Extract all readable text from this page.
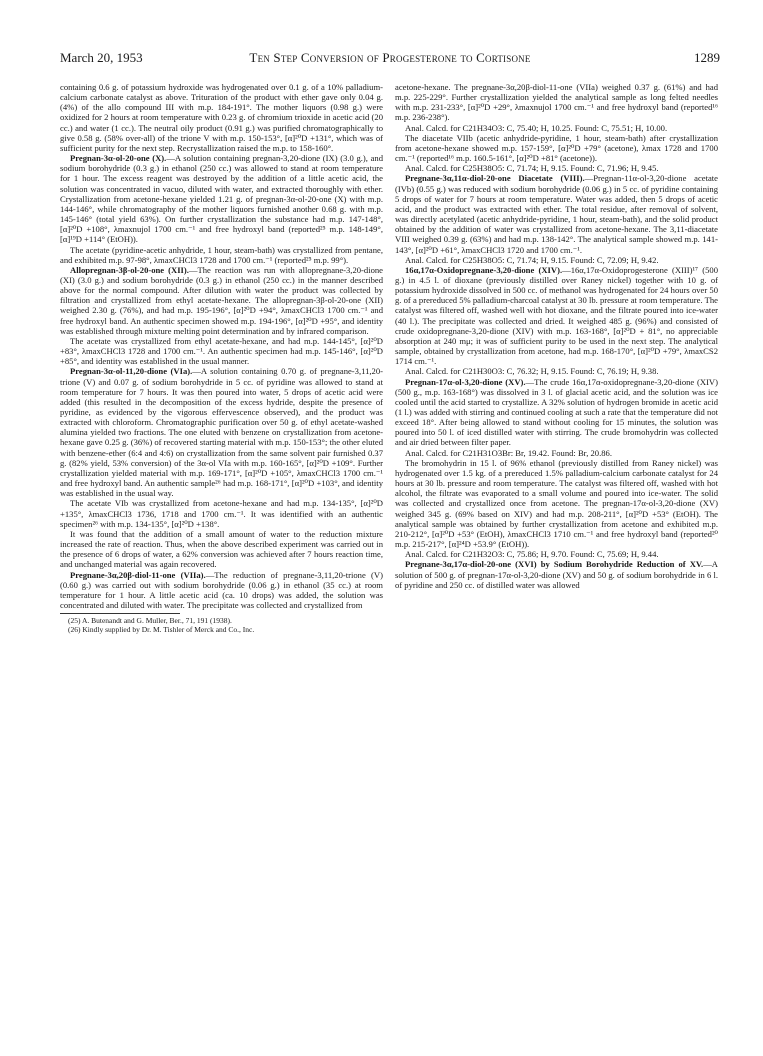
March 20, 1953	Ten Step Conversion of Progesterone to Cortisone	1289

containing 0.6 g. of potassium hydroxide was hydrogenated over 0.1 g. of a 10% palladium-calcium carbonate catalyst as above. Trituration of the product with ether gave only 0.04 g. (4%) of the allo compound III with m.p. 184-191°. The mother liquors (0.98 g.) were oxidized for 2 hours at room temperature with 0.23 g. of chromium trioxide in acetic acid (20 cc.) and water (1 cc.). The neutral oily product (0.91 g.) was purified chromatographically to give 0.58 g. (58% over-all) of the trione V with m.p. 150-153°, [α]²⁰D +131°, which was of sufficient purity for the next step. Recrystallization raised the m.p. to 158-160°.

Pregnan-3α-ol-20-one (X).—A solution containing pregnan-3,20-dione (IX) (3.0 g.), and sodium borohydride (0.3 g.) in ethanol (250 cc.) was allowed to stand at room temperature for 1 hour. The excess reagent was destroyed by the addition of a little acetic acid, the solution was concentrated in vacuo, diluted with water, and extracted thoroughly with ether. Crystallization from acetone-hexane yielded 1.21 g. of pregnan-3α-ol-20-one (X) with m.p. 144-146°, while chromatography of the mother liquors furnished another 0.68 g. with m.p. 145-146° (total yield 63%). On further crystallization the substance had m.p. 147-148°, [α]²⁰D +108°, λmaxnujol 1700 cm.⁻¹ and free hydroxyl band (reported²⁵ m.p. 148-149°, [α]¹⁹D +114° (EtOH)).

The acetate (pyridine-acetic anhydride, 1 hour, steam-bath) was crystallized from pentane, and exhibited m.p. 97-98°, λmaxCHCl3 1728 and 1700 cm.⁻¹ (reported²⁵ m.p. 99°).

Allopregnan-3β-ol-20-one (XII).—The reaction was run with allopregnane-3,20-dione (XI) (3.0 g.) and sodium borohydride (0.3 g.) in ethanol (250 cc.) in the manner described above for the normal compound. After dilution with water the product was collected by filtration and crystallized from ethyl acetate-hexane. The allopregnan-3β-ol-20-one (XII) weighed 2.30 g. (76%), and had m.p. 195-196°, [α]²⁰D +94°, λmaxCHCl3 1700 cm.⁻¹ and free hydroxyl band. An authentic specimen showed m.p. 194-196°, [α]²⁰D +95°, and identity was established through mixture melting point determination and by infrared comparison.

The acetate was crystallized from ethyl acetate-hexane, and had m.p. 144-145°, [α]²⁰D +83°, λmaxCHCl3 1728 and 1700 cm.⁻¹. An authentic specimen had m.p. 145-146°, [α]²⁰D +85°, and identity was established in the usual manner.

Pregnan-3α-ol-11,20-dione (VIa).—A solution containing 0.70 g. of pregnane-3,11,20-trione (V) and 0.07 g. of sodium borohydride in 5 cc. of pyridine was allowed to stand at room temperature for 7 hours. It was then poured into water, 5 drops of acetic acid were added (this resulted in the decomposition of the excess hydride, despite the presence of pyridine, as evidenced by the vigorous effervescence observed), and the product was extracted with chloroform. Chromatographic purification over 50 g. of ethyl acetate-washed alumina yielded two fractions. The one eluted with benzene on crystallization from acetone-hexane gave 0.25 g. (36%) of recovered starting material with m.p. 150-153°; the other eluted with benzene-ether (6:4 and 4:6) on crystallization from the same solvent pair furnished 0.37 g. (82% yield, 53% conversion) of the 3α-ol VIa with m.p. 160-165°, [α]²⁰D +109°. Further crystallization yielded material with m.p. 169-171°, [α]²⁰D +105°, λmaxCHCl3 1700 cm.⁻¹ and free hydroxyl band. An authentic sample²⁶ had m.p. 168-171°, [α]²⁰D +103°, and identity was established in the usual way.

The acetate VIb was crystallized from acetone-hexane and had m.p. 134-135°, [α]²⁰D +135°, λmaxCHCl3 1736, 1718 and 1700 cm.⁻¹. It was identified with an authentic specimen²⁶ with m.p. 134-135°, [α]²⁰D +138°.

It was found that the addition of a small amount of water to the reduction mixture increased the rate of reaction. Thus, when the above described experiment was carried out in the presence of 6 drops of water, a 62% conversion was achieved after 7 hours reaction time, and unchanged material was again recovered.

Pregnane-3α,20β-diol-11-one (VIIa).—The reduction of pregnane-3,11,20-trione (V) (0.60 g.) was carried out with sodium borohydride (0.06 g.) in ethanol (35 cc.) at room temperature for 1 hour. A little acetic acid (ca. 10 drops) was added, the solution was concentrated and diluted with water. The precipitate was collected and crystallized from

(25) A. Butenandt and G. Muller, Ber., 71, 191 (1938).

(26) Kindly supplied by Dr. M. Tishler of Merck and Co., Inc.

acetone-hexane. The pregnane-3α,20β-diol-11-one (VIIa) weighed 0.37 g. (61%) and had m.p. 225-229°. Further crystallization yielded the analytical sample as long felted needles with m.p. 231-233°, [α]²⁰D +29°, λmaxnujol 1700 cm.⁻¹ and free hydroxyl band (reported¹⁶ m.p. 236-238°).

Anal. Calcd. for C21H34O3: C, 75.40; H, 10.25. Found: C, 75.51; H, 10.00.

The diacetate VIIb (acetic anhydride-pyridine, 1 hour, steam-bath) after crystallization from acetone-hexane showed m.p. 157-159°, [α]²⁰D +79° (acetone), λmax 1728 and 1700 cm.⁻¹ (reported¹⁶ m.p. 160.5-161°, [α]²⁰D +81° (acetone)).

Anal. Calcd. for C25H38O5: C, 71.74; H, 9.15. Found: C, 71.96; H, 9.45.

Pregnane-3α,11α-diol-20-one Diacetate (VIII).—Pregnan-11α-ol-3,20-dione acetate (IVb) (0.55 g.) was reduced with sodium borohydride (0.06 g.) in 5 cc. of pyridine containing 5 drops of water for 7 hours at room temperature. Water was added, then 5 drops of acetic acid, and the product was extracted with ether. The total residue, after removal of solvent, was directly acetylated (acetic anhydride-pyridine, 1 hour, steam-bath), and the solid product obtained by the addition of water was crystallized from acetone-hexane. The 3,11-diacetate VIII weighed 0.39 g. (63%) and had m.p. 138-142°. The analytical sample showed m.p. 141-143°, [α]²⁰D +61°, λmaxCHCl3 1720 and 1700 cm.⁻¹.

Anal. Calcd. for C25H38O5: C, 71.74; H, 9.15. Found: C, 72.09; H, 9.42.

16α,17α-Oxidopregnane-3,20-dione (XIV).—16α,17α-Oxidoprogesterone (XIII)¹⁷ (500 g.) in 4.5 l. of dioxane (previously distilled over Raney nickel) together with 10 g. of potassium hydroxide dissolved in 500 cc. of methanol was hydrogenated for 24 hours over 50 g. of a prereduced 5% palladium-charcoal catalyst at 30 lb. pressure at room temperature. The catalyst was filtered off, washed well with hot dioxane, and the filtrate poured into ice-water (40 l.). The precipitate was collected and dried. It weighed 485 g. (96%) and consisted of crude oxidopregnane-3,20-dione (XIV) with m.p. 163-168°, [α]²⁰D + 81°, no appreciable absorption at 240 mμ; it was of sufficient purity to be used in the next step. The analytical sample, obtained by crystallization from acetone, had m.p. 168-170°, [α]²⁰D +79°, λmaxCS2 1714 cm.⁻¹.

Anal. Calcd. for C21H30O3: C, 76.32; H, 9.15. Found: C, 76.19; H, 9.38.

Pregnan-17α-ol-3,20-dione (XV).—The crude 16α,17α-oxidopregnane-3,20-dione (XIV) (500 g., m.p. 163-168°) was dissolved in 3 l. of glacial acetic acid, and the solution was ice cooled until the acid started to crystallize. A 32% solution of hydrogen bromide in acetic acid (1 l.) was added with stirring and continued cooling at such a rate that the temperature did not exceed 18°. After being allowed to stand without cooling for 15 minutes, the solution was poured into 50 l. of iced distilled water with stirring. The crude bromohydrin was collected and air dried between filter paper.

Anal. Calcd. for C21H31O3Br: Br, 19.42. Found: Br, 20.86.

The bromohydrin in 15 l. of 96% ethanol (previously distilled from Raney nickel) was hydrogenated over 1.5 kg. of a prereduced 1.5% palladium-calcium carbonate catalyst for 24 hours at 30 lb. pressure and room temperature. The catalyst was filtered off, washed with hot alcohol, the filtrate was evaporated to a small volume and poured into ice-water. The solid was collected and crystallized once from acetone. The pregnan-17α-ol-3,20-dione (XV) weighed 345 g. (69% based on XIV) and had m.p. 208-211°, [α]²⁰D +53° (EtOH). The analytical sample was obtained by further crystallization from acetone and exhibited m.p. 210-212°, [α]²⁰D +53° (EtOH), λmaxCHCl3 1710 cm.⁻¹ and free hydroxyl band (reported²⁰ m.p. 215-217°, [α]²⁴D +53.9° (EtOH)).

Anal. Calcd. for C21H32O3: C, 75.86; H, 9.70. Found: C, 75.69; H, 9.44.

Pregnane-3α,17α-diol-20-one (XVI) by Sodium Borohydride Reduction of XV.—A solution of 500 g. of pregnan-17α-ol-3,20-dione (XV) and 50 g. of sodium borohydride in 6 l. of pyridine and 250 cc. of distilled water was allowed
